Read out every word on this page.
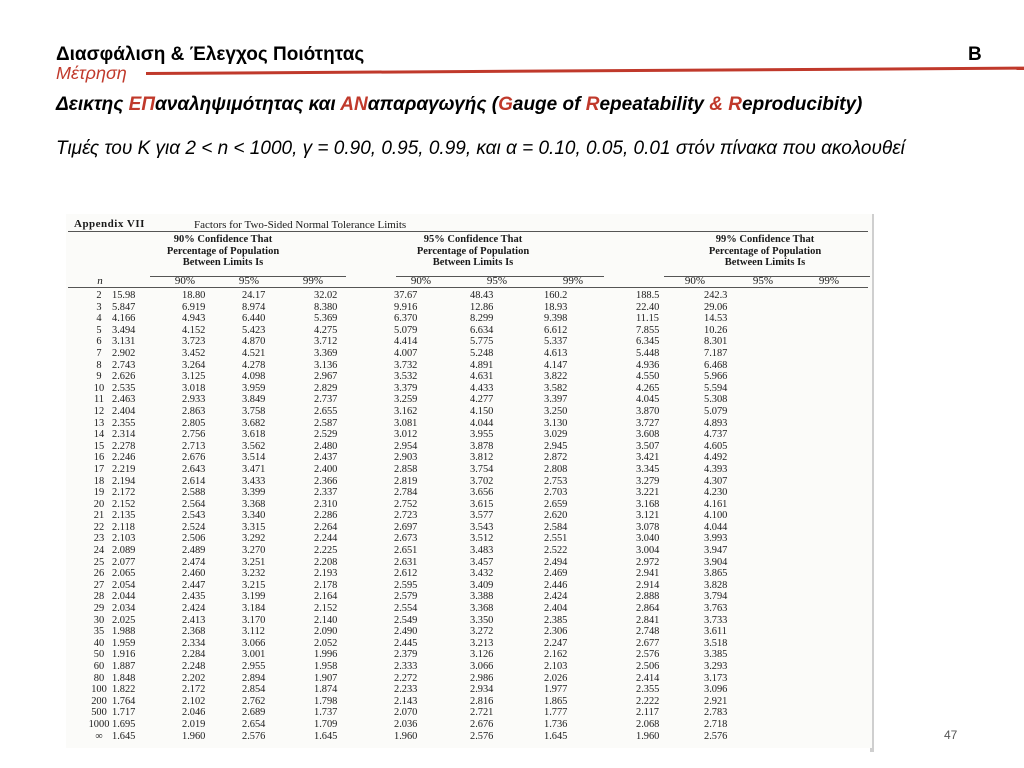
Διασφάλιση & Έλεγχος Ποιότητας	B
Μέτρηση
Δεικτης ΕΠαναληψιμότητας και ΑΝαπαραγωγής (Gauge of Repeatability & Reproducibity)
Τιμές του Κ για 2 < n < 1000, γ = 0.90, 0.95, 0.99, και α = 0.10, 0.05, 0.01 στόν πίνακα που ακολουθεί
Appendix VII	Factors for Two-Sided Normal Tolerance Limits
90% Confidence That Percentage of Population Between Limits Is
95% Confidence That Percentage of Population Between Limits Is
99% Confidence That Percentage of Population Between Limits Is
n	90%	95%	99%	90%	95%	99%	90%	95%	99%
2	15.98	18.80	24.17	32.02	37.67	48.43	160.2	188.5	242.3
3	5.847	6.919	8.974	8.380	9.916	12.86	18.93	22.40	29.06
4	4.166	4.943	6.440	5.369	6.370	8.299	9.398	11.15	14.53
5	3.494	4.152	5.423	4.275	5.079	6.634	6.612	7.855	10.26
6	3.131	3.723	4.870	3.712	4.414	5.775	5.337	6.345	8.301
7	2.902	3.452	4.521	3.369	4.007	5.248	4.613	5.448	7.187
8	2.743	3.264	4.278	3.136	3.732	4.891	4.147	4.936	6.468
9	2.626	3.125	4.098	2.967	3.532	4.631	3.822	4.550	5.966
10	2.535	3.018	3.959	2.829	3.379	4.433	3.582	4.265	5.594
11	2.463	2.933	3.849	2.737	3.259	4.277	3.397	4.045	5.308
12	2.404	2.863	3.758	2.655	3.162	4.150	3.250	3.870	5.079
13	2.355	2.805	3.682	2.587	3.081	4.044	3.130	3.727	4.893
14	2.314	2.756	3.618	2.529	3.012	3.955	3.029	3.608	4.737
15	2.278	2.713	3.562	2.480	2.954	3.878	2.945	3.507	4.605
16	2.246	2.676	3.514	2.437	2.903	3.812	2.872	3.421	4.492
17	2.219	2.643	3.471	2.400	2.858	3.754	2.808	3.345	4.393
18	2.194	2.614	3.433	2.366	2.819	3.702	2.753	3.279	4.307
19	2.172	2.588	3.399	2.337	2.784	3.656	2.703	3.221	4.230
20	2.152	2.564	3.368	2.310	2.752	3.615	2.659	3.168	4.161
21	2.135	2.543	3.340	2.286	2.723	3.577	2.620	3.121	4.100
22	2.118	2.524	3.315	2.264	2.697	3.543	2.584	3.078	4.044
23	2.103	2.506	3.292	2.244	2.673	3.512	2.551	3.040	3.993
24	2.089	2.489	3.270	2.225	2.651	3.483	2.522	3.004	3.947
25	2.077	2.474	3.251	2.208	2.631	3.457	2.494	2.972	3.904
26	2.065	2.460	3.232	2.193	2.612	3.432	2.469	2.941	3.865
27	2.054	2.447	3.215	2.178	2.595	3.409	2.446	2.914	3.828
28	2.044	2.435	3.199	2.164	2.579	3.388	2.424	2.888	3.794
29	2.034	2.424	3.184	2.152	2.554	3.368	2.404	2.864	3.763
30	2.025	2.413	3.170	2.140	2.549	3.350	2.385	2.841	3.733
35	1.988	2.368	3.112	2.090	2.490	3.272	2.306	2.748	3.611
40	1.959	2.334	3.066	2.052	2.445	3.213	2.247	2.677	3.518
50	1.916	2.284	3.001	1.996	2.379	3.126	2.162	2.576	3.385
60	1.887	2.248	2.955	1.958	2.333	3.066	2.103	2.506	3.293
80	1.848	2.202	2.894	1.907	2.272	2.986	2.026	2.414	3.173
100	1.822	2.172	2.854	1.874	2.233	2.934	1.977	2.355	3.096
200	1.764	2.102	2.762	1.798	2.143	2.816	1.865	2.222	2.921
500	1.717	2.046	2.689	1.737	2.070	2.721	1.777	2.117	2.783
1000	1.695	2.019	2.654	1.709	2.036	2.676	1.736	2.068	2.718
∞	1.645	1.960	2.576	1.645	1.960	2.576	1.645	1.960	2.576	47
